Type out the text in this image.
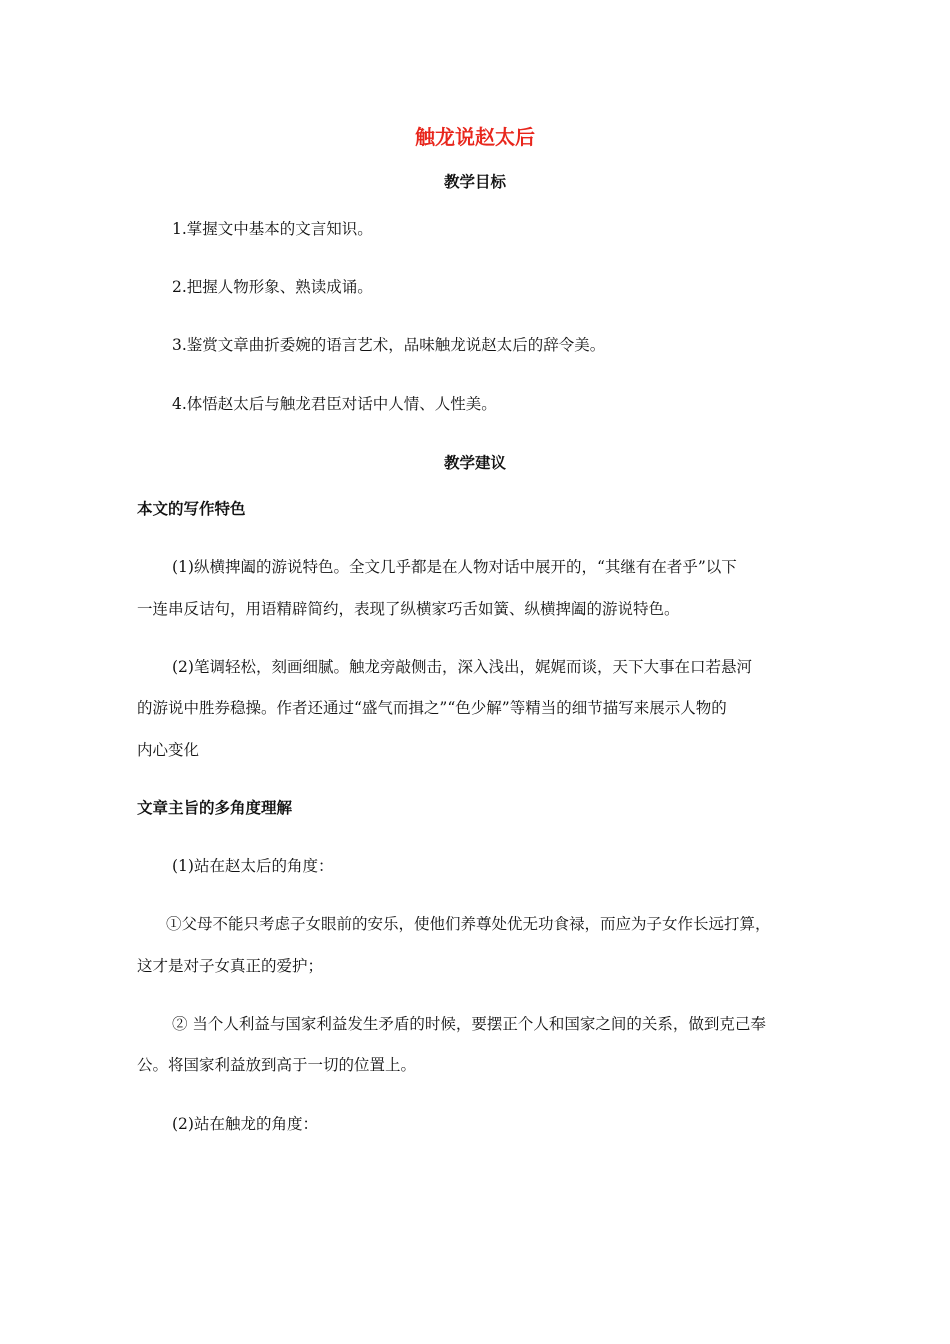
触龙说赵太后
教学目标
1.掌握文中基本的文言知识。
2.把握人物形象、熟读成诵。
3.鉴赏文章曲折委婉的语言艺术，品味触龙说赵太后的辞令美。
4.体悟赵太后与触龙君臣对话中人情、人性美。
教学建议
本文的写作特色
(1)纵横捭阖的游说特色。全文几乎都是在人物对话中展开的，“其继有在者乎”以下
一连串反诘句，用语精辟简约，表现了纵横家巧舌如簧、纵横捭阖的游说特色。
(2)笔调轻松，刻画细腻。触龙旁敲侧击，深入浅出，娓娓而谈，天下大事在口若悬河
的游说中胜券稳操。作者还通过“盛气而揖之”“色少解”等精当的细节描写来展示人物的
内心变化
文章主旨的多角度理解
(1)站在赵太后的角度：
①父母不能只考虑子女眼前的安乐，使他们养尊处优无功食禄，而应为子女作长远打算，
这才是对子女真正的爱护；
② 当个人利益与国家利益发生矛盾的时候，要摆正个人和国家之间的关系，做到克己奉
公。将国家利益放到高于一切的位置上。
(2)站在触龙的角度：
